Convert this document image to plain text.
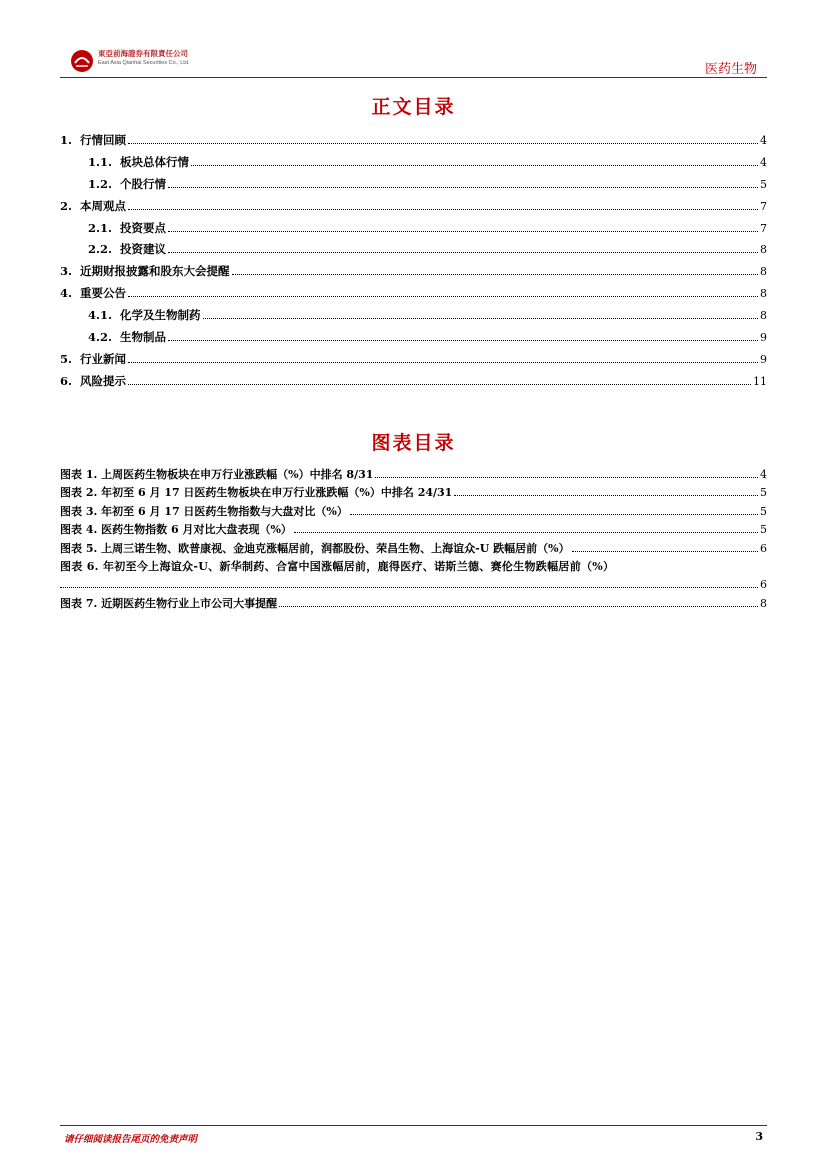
東亞前海證券有限責任公司
East Asia Qianhai Securities Co., Ltd.	医药生物
正文目录
1. 行情回顾	4
1.1. 板块总体行情	4
1.2. 个股行情	5
2. 本周观点	7
2.1. 投资要点	7
2.2. 投资建议	8
3. 近期财报披露和股东大会提醒	8
4. 重要公告	8
4.1. 化学及生物制药	8
4.2. 生物制品	9
5. 行业新闻	9
6. 风险提示	11
图表目录
图表 1. 上周医药生物板块在申万行业涨跌幅（%）中排名 8/31	4
图表 2. 年初至 6 月 17 日医药生物板块在申万行业涨跌幅（%）中排名 24/31	5
图表 3. 年初至 6 月 17 日医药生物指数与大盘对比（%）	5
图表 4. 医药生物指数 6 月对比大盘表现（%）	5
图表 5. 上周三诺生物、欧普康视、金迪克涨幅居前，润都股份、荣昌生物、上海谊众-U 跌幅居前（%）	6
图表 6. 年初至今上海谊众-U、新华制药、合富中国涨幅居前，鹿得医疗、诺斯兰德、赛伦生物跌幅居前（%）
6
图表 7. 近期医药生物行业上市公司大事提醒	8
请仔细阅读报告尾页的免责声明	3
